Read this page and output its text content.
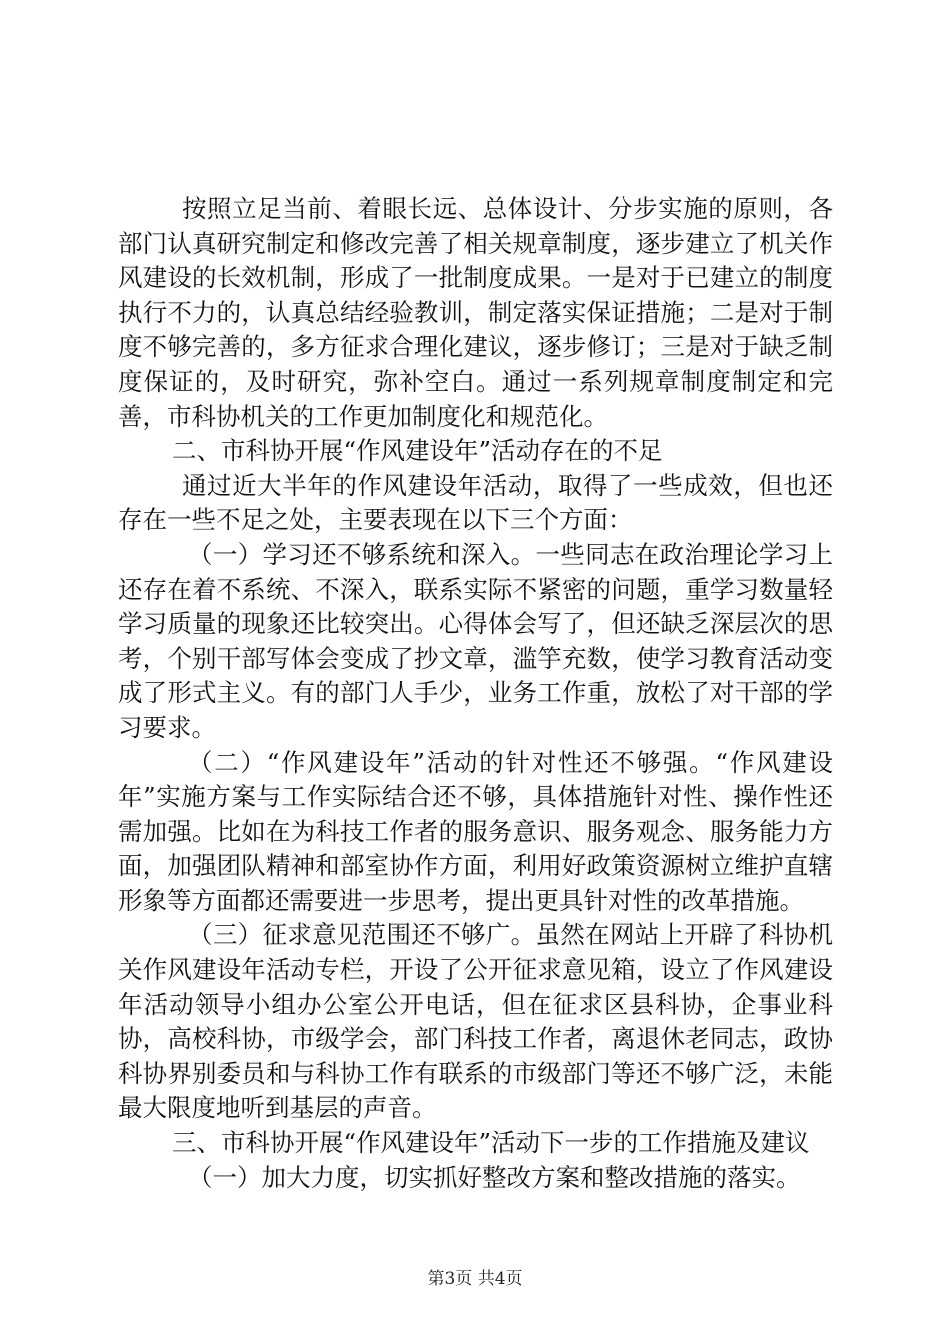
按照立足当前、着眼长远、总体设计、分步实施的原则，各部门认真研究制定和修改完善了相关规章制度，逐步建立了机关作风建设的长效机制，形成了一批制度成果。一是对于已建立的制度执行不力的，认真总结经验教训，制定落实保证措施；二是对于制度不够完善的，多方征求合理化建议，逐步修订；三是对于缺乏制度保证的，及时研究，弥补空白。通过一系列规章制度制定和完善，市科协机关的工作更加制度化和规范化。

二、市科协开展“作风建设年”活动存在的不足

通过近大半年的作风建设年活动，取得了一些成效，但也还存在一些不足之处，主要表现在以下三个方面：

（一）学习还不够系统和深入。一些同志在政治理论学习上还存在着不系统、不深入，联系实际不紧密的问题，重学习数量轻学习质量的现象还比较突出。心得体会写了，但还缺乏深层次的思考，个别干部写体会变成了抄文章，滥竽充数，使学习教育活动变成了形式主义。有的部门人手少，业务工作重，放松了对干部的学习要求。

（二）“作风建设年”活动的针对性还不够强。“作风建设年”实施方案与工作实际结合还不够，具体措施针对性、操作性还需加强。比如在为科技工作者的服务意识、服务观念、服务能力方面，加强团队精神和部室协作方面，利用好政策资源树立维护直辖形象等方面都还需要进一步思考，提出更具针对性的改革措施。

（三）征求意见范围还不够广。虽然在网站上开辟了科协机关作风建设年活动专栏，开设了公开征求意见箱，设立了作风建设年活动领导小组办公室公开电话，但在征求区县科协，企事业科协，高校科协，市级学会，部门科技工作者，离退休老同志，政协科协界别委员和与科协工作有联系的市级部门等还不够广泛，未能最大限度地听到基层的声音。

三、市科协开展“作风建设年”活动下一步的工作措施及建议

（一）加大力度，切实抓好整改方案和整改措施的落实。

第3页 共4页
